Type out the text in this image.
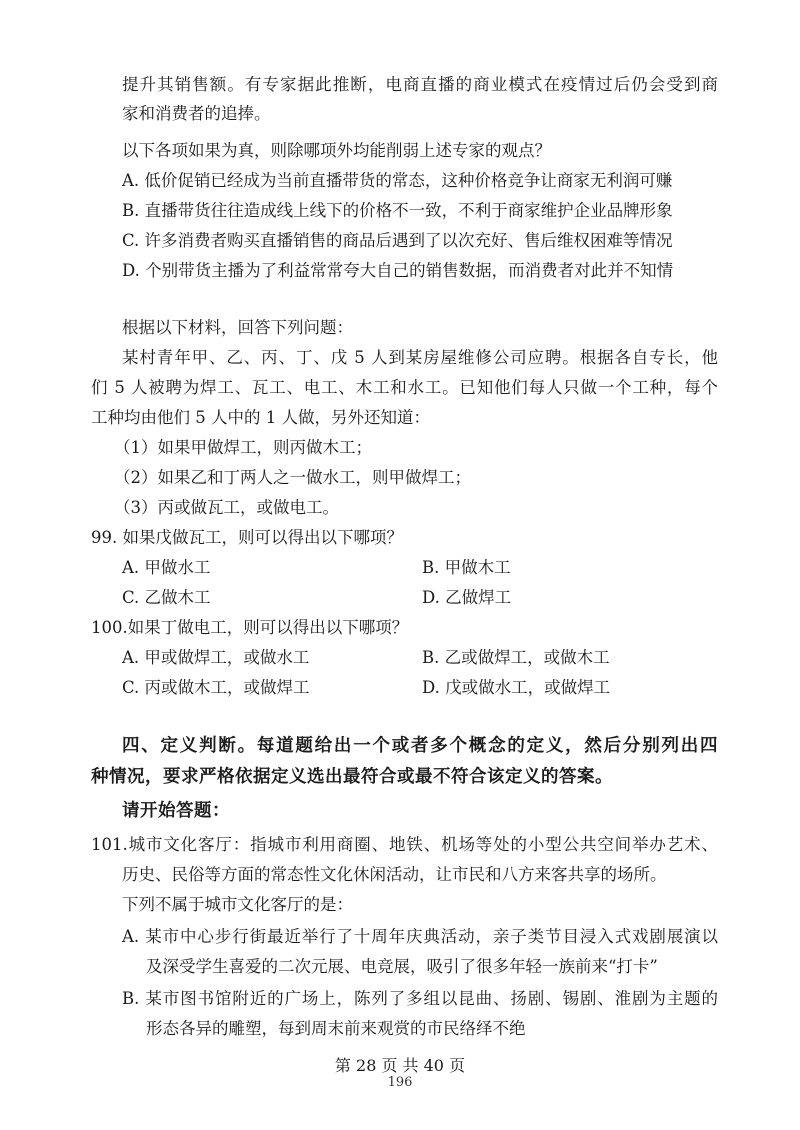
提升其销售额。有专家据此推断，电商直播的商业模式在疫情过后仍会受到商
家和消费者的追捧。
以下各项如果为真，则除哪项外均能削弱上述专家的观点？
A. 低价促销已经成为当前直播带货的常态，这种价格竞争让商家无利润可赚
B. 直播带货往往造成线上线下的价格不一致，不利于商家维护企业品牌形象
C. 许多消费者购买直播销售的商品后遇到了以次充好、售后维权困难等情况
D. 个别带货主播为了利益常常夸大自己的销售数据，而消费者对此并不知情
根据以下材料，回答下列问题：
某村青年甲、乙、丙、丁、戊 5 人到某房屋维修公司应聘。根据各自专长，他
们 5 人被聘为焊工、瓦工、电工、木工和水工。已知他们每人只做一个工种，每个
工种均由他们 5 人中的 1 人做，另外还知道：
（1）如果甲做焊工，则丙做木工；
（2）如果乙和丁两人之一做水工，则甲做焊工；
（3）丙或做瓦工，或做电工。
99. 如果戊做瓦工，则可以得出以下哪项？
A. 甲做水工	B. 甲做木工
C. 乙做木工	D. 乙做焊工
100.如果丁做电工，则可以得出以下哪项？
A. 甲或做焊工，或做水工	B. 乙或做焊工，或做木工
C. 丙或做木工，或做焊工	D. 戊或做水工，或做焊工
四、定义判断。每道题给出一个或者多个概念的定义，然后分别列出四
种情况，要求严格依据定义选出最符合或最不符合该定义的答案。
请开始答题：
101.城市文化客厅：指城市利用商圈、地铁、机场等处的小型公共空间举办艺术、
历史、民俗等方面的常态性文化休闲活动，让市民和八方来客共享的场所。
下列不属于城市文化客厅的是：
A. 某市中心步行街最近举行了十周年庆典活动，亲子类节目浸入式戏剧展演以
及深受学生喜爱的二次元展、电竞展，吸引了很多年轻一族前来“打卡”
B. 某市图书馆附近的广场上，陈列了多组以昆曲、扬剧、锡剧、淮剧为主题的
形态各异的雕塑，每到周末前来观赏的市民络绎不绝
第 28 页 共 40 页
196
